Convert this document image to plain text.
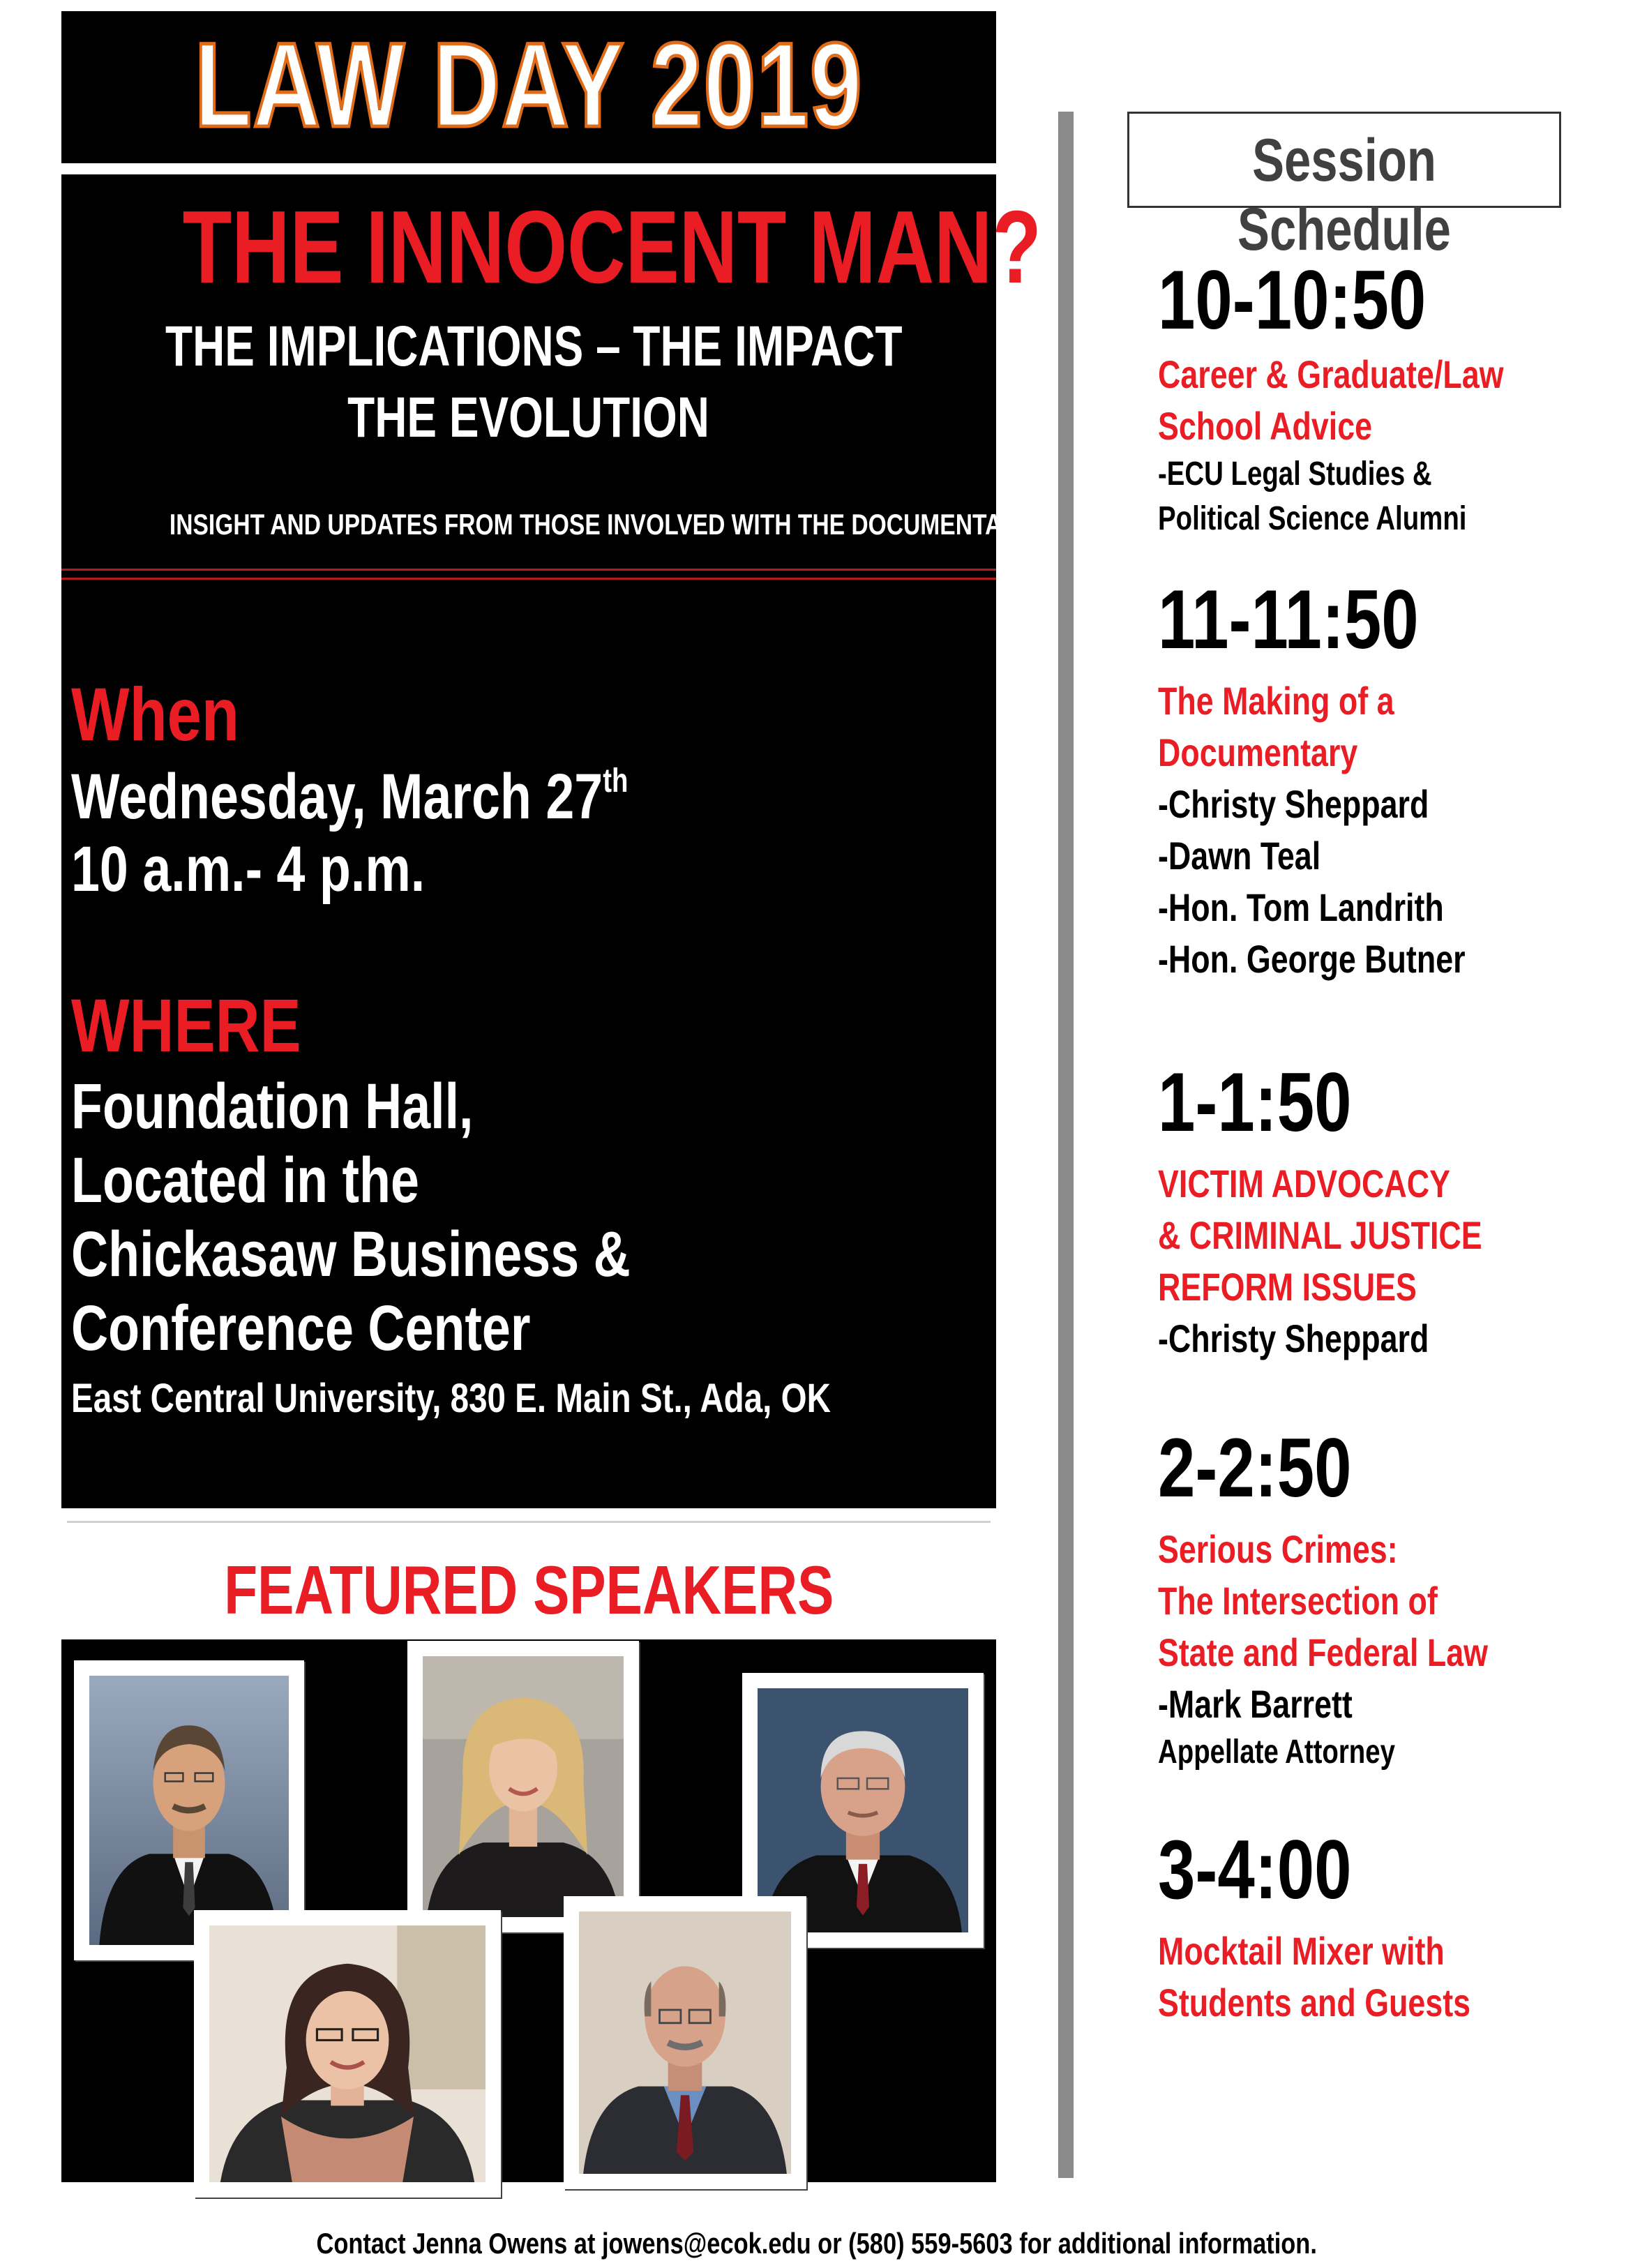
LAW DAY 2019
THE INNOCENT MAN?
THE IMPLICATIONS – THE IMPACT
THE EVOLUTION
INSIGHT AND UPDATES FROM THOSE INVOLVED WITH THE DOCUMENTARY
When
Wednesday, March 27th
10 a.m.- 4 p.m.
WHERE
Foundation Hall,
Located in the
Chickasaw Business &
Conference Center
East Central University, 830 E. Main St., Ada, OK
FEATURED SPEAKERS
Session Schedule
10-10:50
Career & Graduate/Law
School Advice
-ECU Legal Studies &
Political Science Alumni
11-11:50
The Making of a
Documentary
-Christy Sheppard
-Dawn Teal
-Hon. Tom Landrith
-Hon. George Butner
1-1:50
VICTIM ADVOCACY
& CRIMINAL JUSTICE
REFORM ISSUES
-Christy Sheppard
2-2:50
Serious Crimes:
The Intersection of
State and Federal Law
-Mark Barrett
Appellate Attorney
3-4:00
Mocktail Mixer with
Students and Guests
Contact Jenna Owens at jowens@ecok.edu or (580) 559-5603 for additional information.
